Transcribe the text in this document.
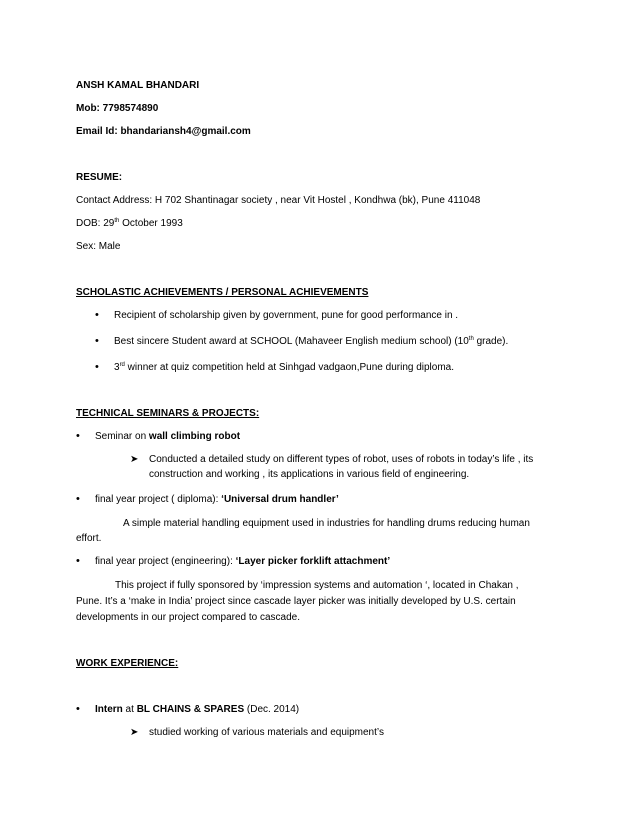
ANSH KAMAL BHANDARI
Mob: 7798574890
Email Id: bhandariansh4@gmail.com
RESUME:
Contact Address: H 702 Shantinagar society , near Vit Hostel , Kondhwa (bk), Pune 411048
DOB: 29th October 1993
Sex: Male
SCHOLASTIC ACHIEVEMENTS / PERSONAL ACHIEVEMENTS
• Recipient of scholarship given by government, pune for good performance in .
• Best sincere Student award at SCHOOL (Mahaveer English medium school) (10th grade).
• 3rd winner at quiz competition held at Sinhgad vadgaon,Pune during diploma.
TECHNICAL SEMINARS & PROJECTS:
• Seminar on wall climbing robot
➤ Conducted a detailed study on different types of robot, uses of robots in today’s life , its
construction and working , its applications in various field of engineering.
• final year project ( diploma): ‘Universal drum handler’
A simple material handling equipment used in industries for handling drums reducing human
effort.
• final year project (engineering): ‘Layer picker forklift attachment’
This project if fully sponsored by ‘impression systems and automation ‘, located in Chakan ,
Pune. It’s a ‘make in India’ project since cascade layer picker was initially developed by U.S. certain
developments in our project compared to cascade.
WORK EXPERIENCE:
• Intern at BL CHAINS & SPARES (Dec. 2014)
➤ studied working of various materials and equipment’s
